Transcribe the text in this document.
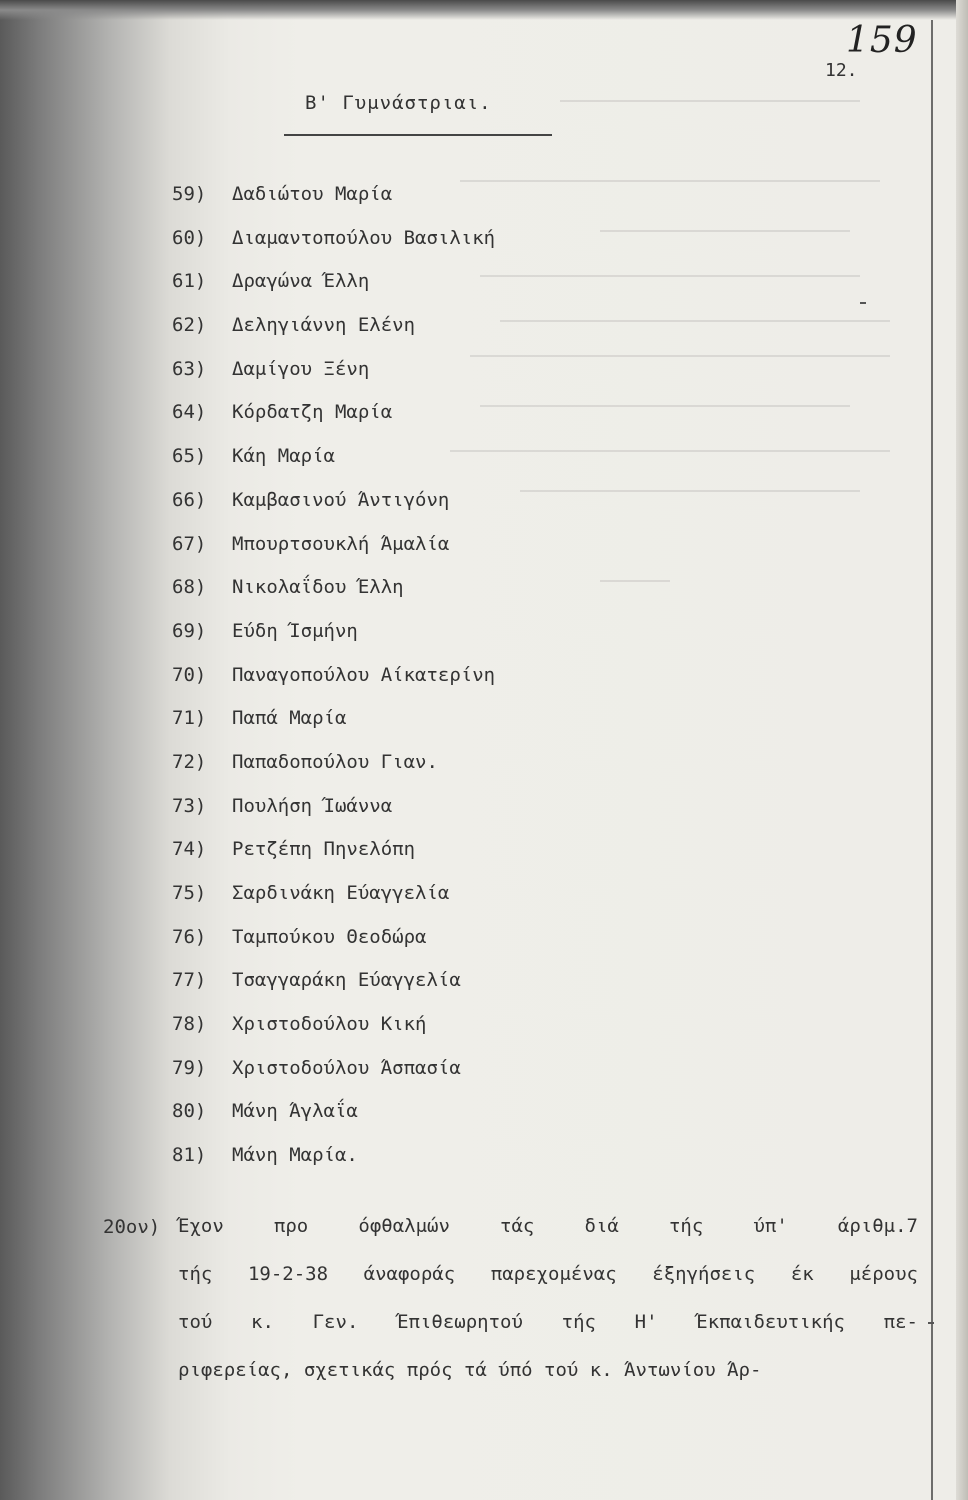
159
12.
Β' Γυμνάστριαι.
59) Δαδιώτου Μαρία
60) Διαμαντοπούλου Βασιλική
61) Δραγώνα Έλλη
62) Δεληγιάννη Ελένη
63) Δαμίγου Ξένη
64) Κόρδατζη Μαρία
65) Κάη Μαρία
66) Καμβασινού Άντιγόνη
67) Μπουρτσουκλή Άμαλία
68) Νικολαΐδου Έλλη
69) Εύδη Ίσμήνη
70) Παναγοπούλου Αίκατερίνη
71) Παπά Μαρία
72) Παπαδοπούλου Γιαν.
73) Πουλήση Ίωάννα
74) Ρετζέπη Πηνελόπη
75) Σαρδινάκη Εύαγγελία
76) Ταμπούκου Θεοδώρα
77) Τσαγγαράκη Εύαγγελία
78) Χριστοδούλου Κική
79) Χριστοδούλου Άσπασία
80) Μάνη Άγλαΐα
81) Μάνη Μαρία.
20ον) Έχον προ όφθαλμών τάς διά τής ύπ' άριθμ.7
τής 19-2-38 άναφοράς παρεχομένας έξηγήσεις έκ μέρους
τού κ. Γεν. Έπιθεωρητού τής Η' Έκπαιδευτικής πε-
ριφερείας, σχετικάς πρός τά ύπό τού κ. Άντωνίου Άρ-
